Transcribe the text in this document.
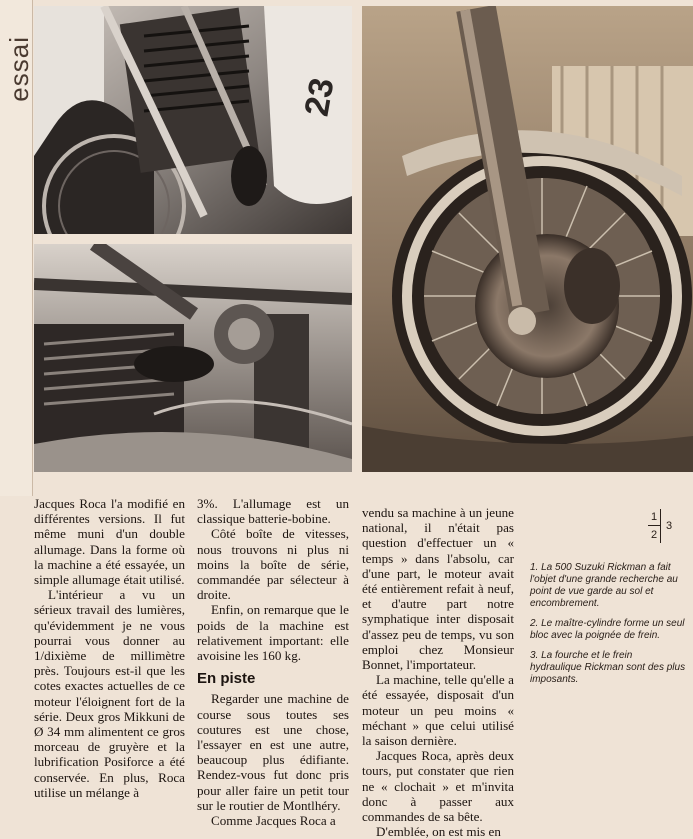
essai	23

Jacques Roca l'a modifié en différentes versions. Il fut même muni d'un double allumage. Dans la forme où la machine a été essayée, un simple allumage était utilisé.

L'intérieur a vu un sérieux travail des lumières, qu'évidemment je ne vous pourrai vous donner au 1/dixième de millimètre près. Toujours est-il que les cotes exactes actuelles de ce moteur l'éloignent fort de la série. Deux gros Mikkuni de Ø 34 mm alimentent ce gros morceau de gruyère et la lubrification Posiforce a été conservée. En plus, Roca utilise un mélange à

3%. L'allumage est un classique batterie-bobine.

Côté boîte de vitesses, nous trouvons ni plus ni moins la boîte de série, commandée par sélecteur à droite.

Enfin, on remarque que le poids de la machine est relativement important: elle avoisine les 160 kg.

En piste

Regarder une machine de course sous toutes ses coutures est une chose, l'essayer en est une autre, beaucoup plus édifiante. Rendez-vous fut donc pris pour aller faire un petit tour sur le routier de Montlhéry.

Comme Jacques Roca a

vendu sa machine à un jeune national, il n'était pas question d'effectuer un « temps » dans l'absolu, car d'une part, le moteur avait été entièrement refait à neuf, et d'autre part notre symphatique inter disposait d'assez peu de temps, vu son emploi chez Monsieur Bonnet, l'importateur.

La machine, telle qu'elle a été essayée, disposait d'un moteur un peu moins « méchant » que celui utilisé la saison dernière.

Jacques Roca, après deux tours, put constater que rien ne « clochait » et m'invita donc à passer aux commandes de sa bête.

D'emblée, on est mis en

1
2
3

1. La 500 Suzuki Rickman a fait l'objet d'une grande recherche au point de vue garde au sol et encombrement.

2. Le maître-cylindre forme un seul bloc avec la poignée de frein.

3. La fourche et le frein hydraulique Rickman sont des plus imposants.
